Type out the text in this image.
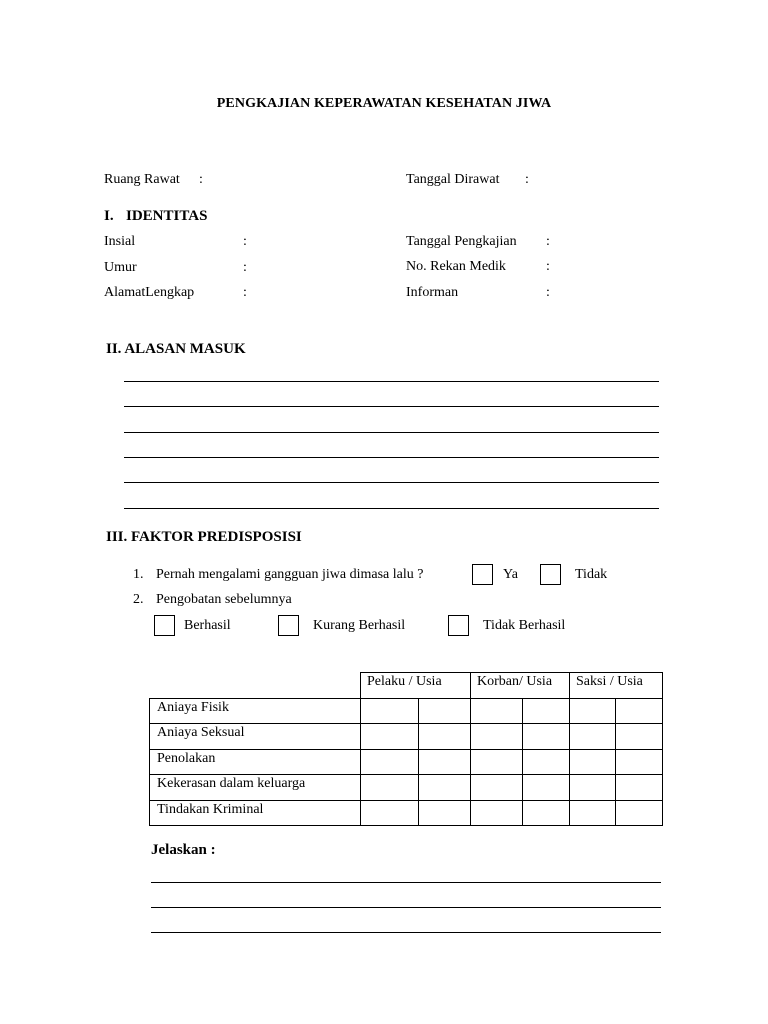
PENGKAJIAN KEPERAWATAN KESEHATAN JIWA
Ruang Rawat :	Tanggal Dirawat :
I. IDENTITAS
Insial	:	Tanggal Pengkajian :
Umur	:	No. Rekan Medik	:
AlamatLengkap	:	Informan	:
II. ALASAN MASUK
III. FAKTOR PREDISPOSISI
1. Pernah mengalami gangguan jiwa dimasa lalu ?	Ya	Tidak
2. Pengobatan sebelumnya
Berhasil	Kurang Berhasil	Tidak Berhasil
	Pelaku / Usia		Korban/ Usia		Saksi / Usia	
Aniaya Fisik						
Aniaya Seksual						
Penolakan						
Kekerasan dalam keluarga						
Tindakan Kriminal						
Jelaskan :
